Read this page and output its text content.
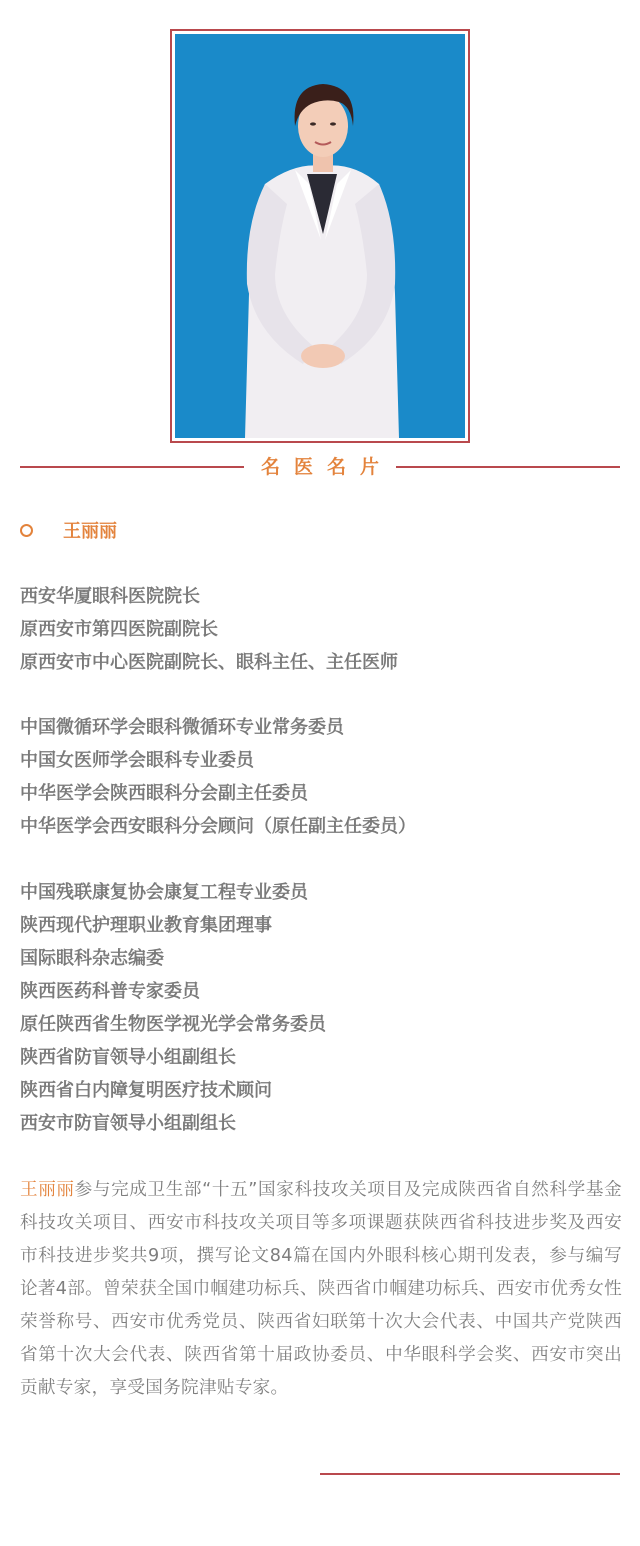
名医名片
王丽丽
西安华厦眼科医院院长
原西安市第四医院副院长
原西安市中心医院副院长、眼科主任、主任医师
中国微循环学会眼科微循环专业常务委员
中国女医师学会眼科专业委员
中华医学会陕西眼科分会副主任委员
中华医学会西安眼科分会顾问（原任副主任委员）
中国残联康复协会康复工程专业委员
陕西现代护理职业教育集团理事
国际眼科杂志编委
陕西医药科普专家委员
原任陕西省生物医学视光学会常务委员
陕西省防盲领导小组副组长
陕西省白内障复明医疗技术顾问
西安市防盲领导小组副组长
王丽丽参与完成卫生部“十五”国家科技攻关项目及完成陕西省自然科学基金科技攻关项目、西安市科技攻关项目等多项课题获陕西省科技进步奖及西安市科技进步奖共9项，撰写论文84篇在国内外眼科核心期刊发表，参与编写论著4部。曾荣获全国巾帼建功标兵、陕西省巾帼建功标兵、西安市优秀女性荣誉称号、西安市优秀党员、陕西省妇联第十次大会代表、中国共产党陕西省第十次大会代表、陕西省第十届政协委员、中华眼科学会奖、西安市突出贡献专家，享受国务院津贴专家。
